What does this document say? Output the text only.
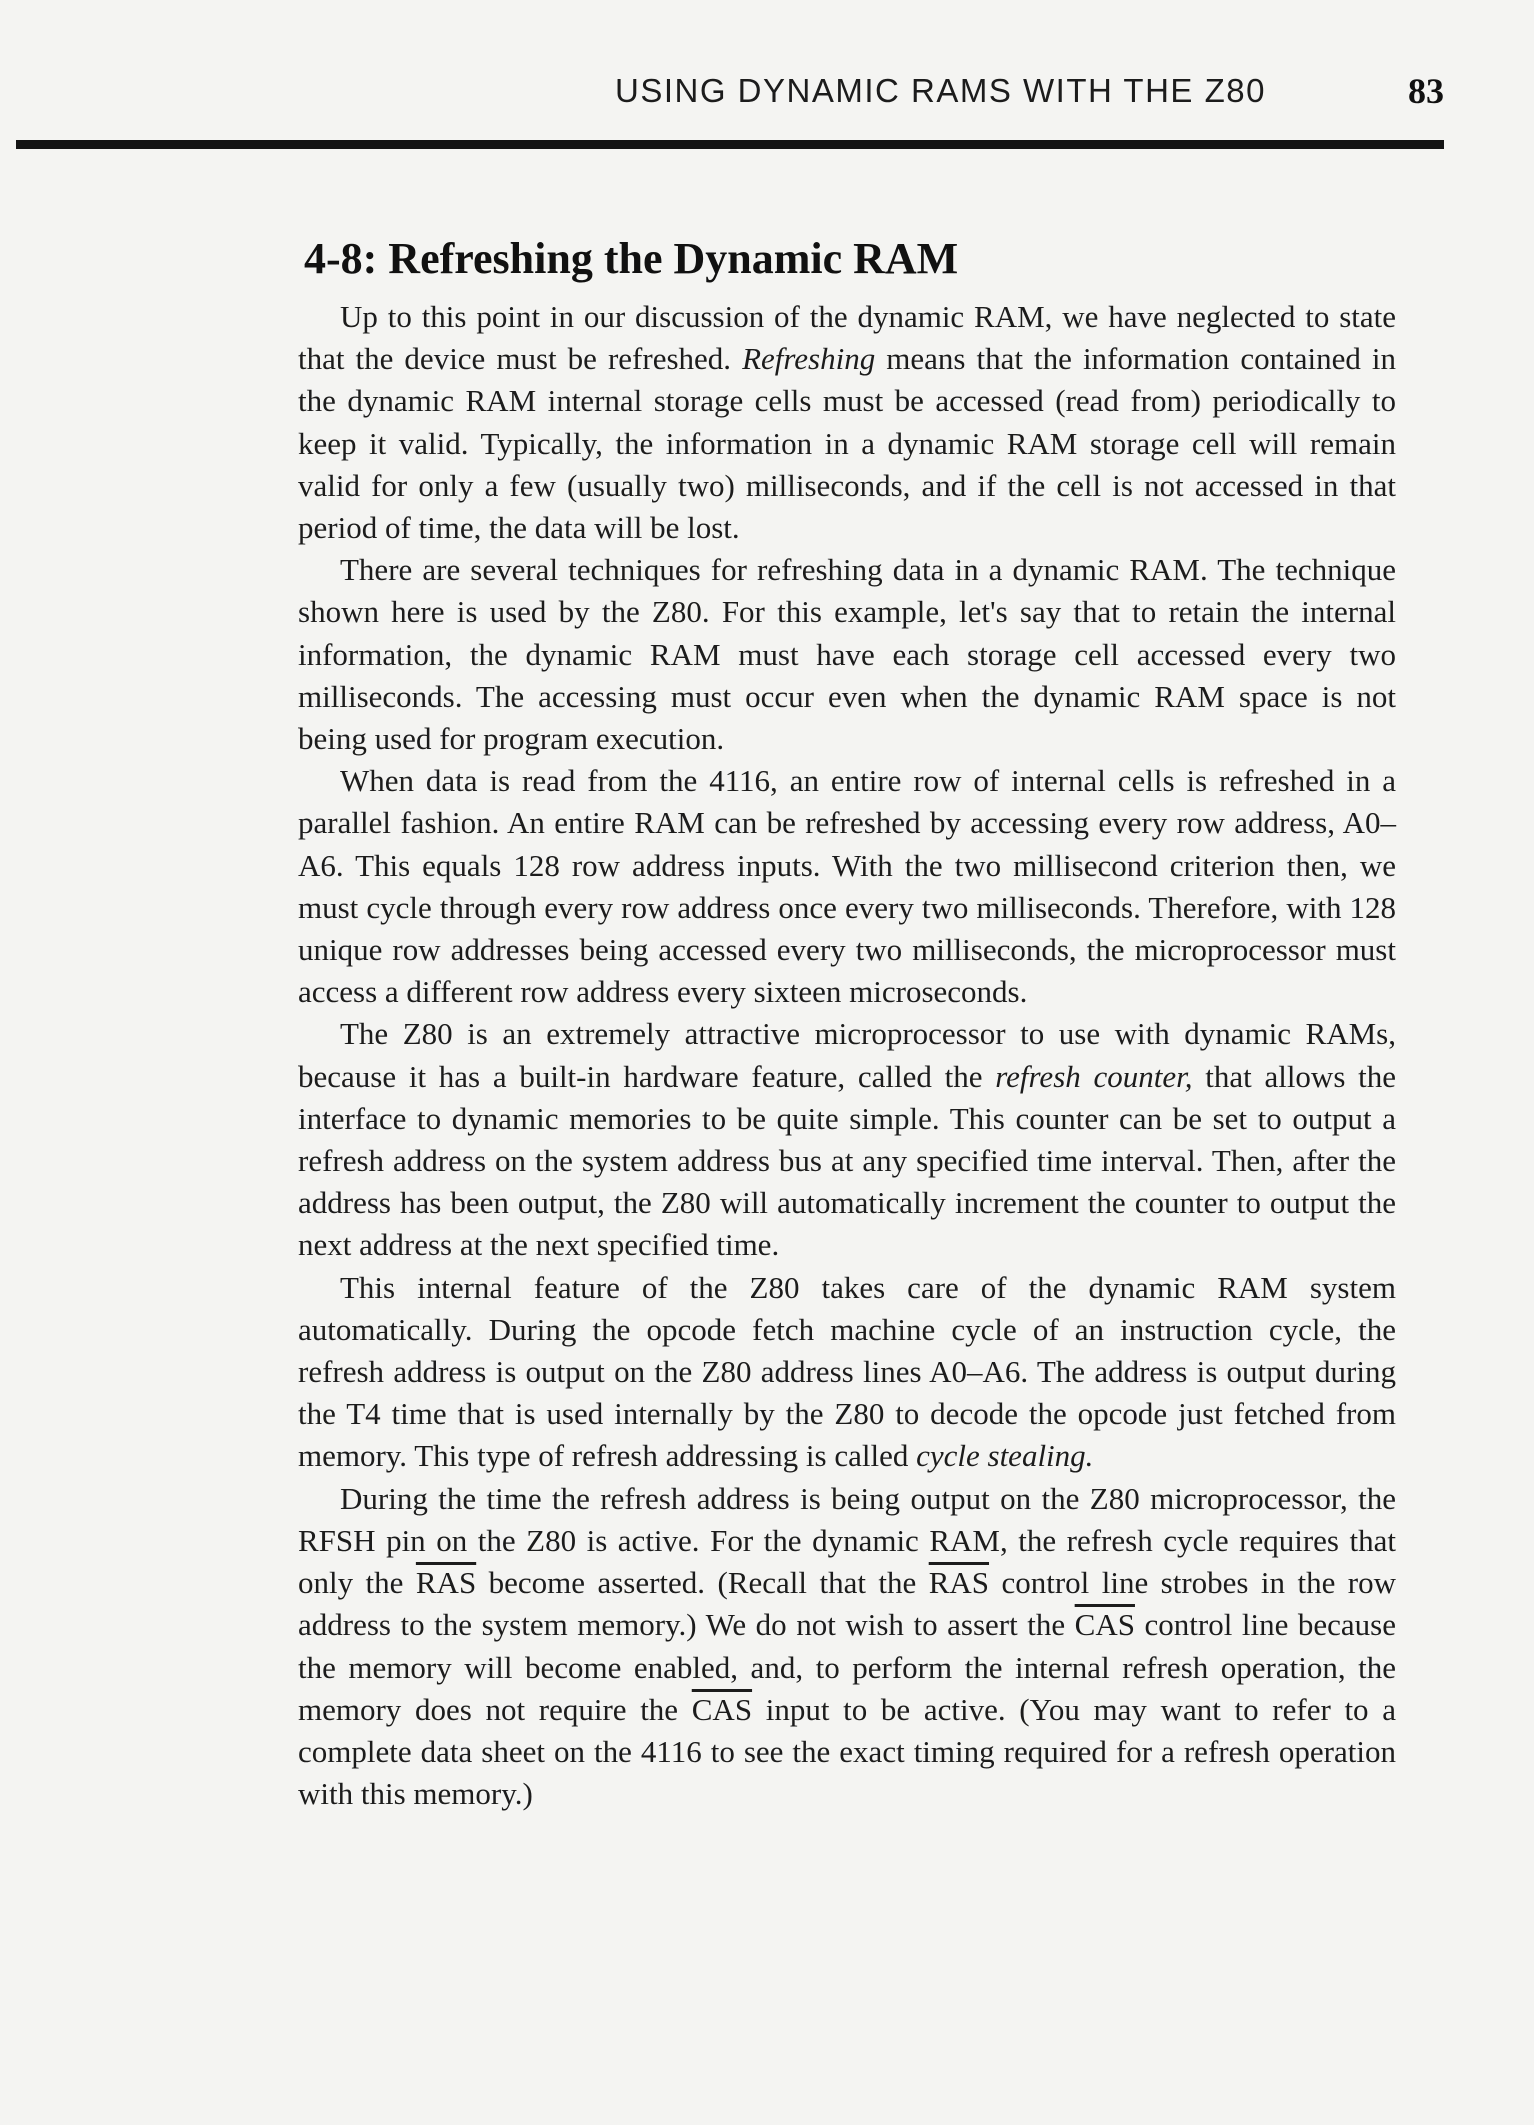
USING DYNAMIC RAMS WITH THE Z80	83
4-8: Refreshing the Dynamic RAM

Up to this point in our discussion of the dynamic RAM, we have neglected to state that the device must be refreshed. Refreshing means that the information contained in the dynamic RAM internal storage cells must be accessed (read from) periodically to keep it valid. Typically, the information in a dynamic RAM storage cell will remain valid for only a few (usually two) milliseconds, and if the cell is not accessed in that period of time, the data will be lost.

There are several techniques for refreshing data in a dynamic RAM. The technique shown here is used by the Z80. For this example, let's say that to retain the internal information, the dynamic RAM must have each storage cell accessed every two milliseconds. The accessing must occur even when the dynamic RAM space is not being used for program execution.

When data is read from the 4116, an entire row of internal cells is refreshed in a parallel fashion. An entire RAM can be refreshed by accessing every row address, A0–A6. This equals 128 row address inputs. With the two millisecond criterion then, we must cycle through every row address once every two milliseconds. Therefore, with 128 unique row addresses being accessed every two milliseconds, the microprocessor must access a different row address every sixteen microseconds.

The Z80 is an extremely attractive microprocessor to use with dynamic RAMs, because it has a built-in hardware feature, called the refresh counter, that allows the interface to dynamic memories to be quite simple. This counter can be set to output a refresh address on the system address bus at any specified time interval. Then, after the address has been output, the Z80 will automatically increment the counter to output the next address at the next specified time.

This internal feature of the Z80 takes care of the dynamic RAM system automatically. During the opcode fetch machine cycle of an instruction cycle, the refresh address is output on the Z80 address lines A0–A6. The address is output during the T4 time that is used internally by the Z80 to decode the opcode just fetched from memory. This type of refresh addressing is called cycle stealing.

During the time the refresh address is being output on the Z80 microprocessor, the RFSH pin on the Z80 is active. For the dynamic RAM, the refresh cycle requires that only the $\overline{RAS}$ become asserted. (Recall that the $\overline{RAS}$ control line strobes in the row address to the system memory.) We do not wish to assert the $\overline{CAS}$ control line because the memory will become enabled, and, to perform the internal refresh operation, the memory does not require the $\overline{CAS}$ input to be active. (You may want to refer to a complete data sheet on the 4116 to see the exact timing required for a refresh operation with this memory.)
